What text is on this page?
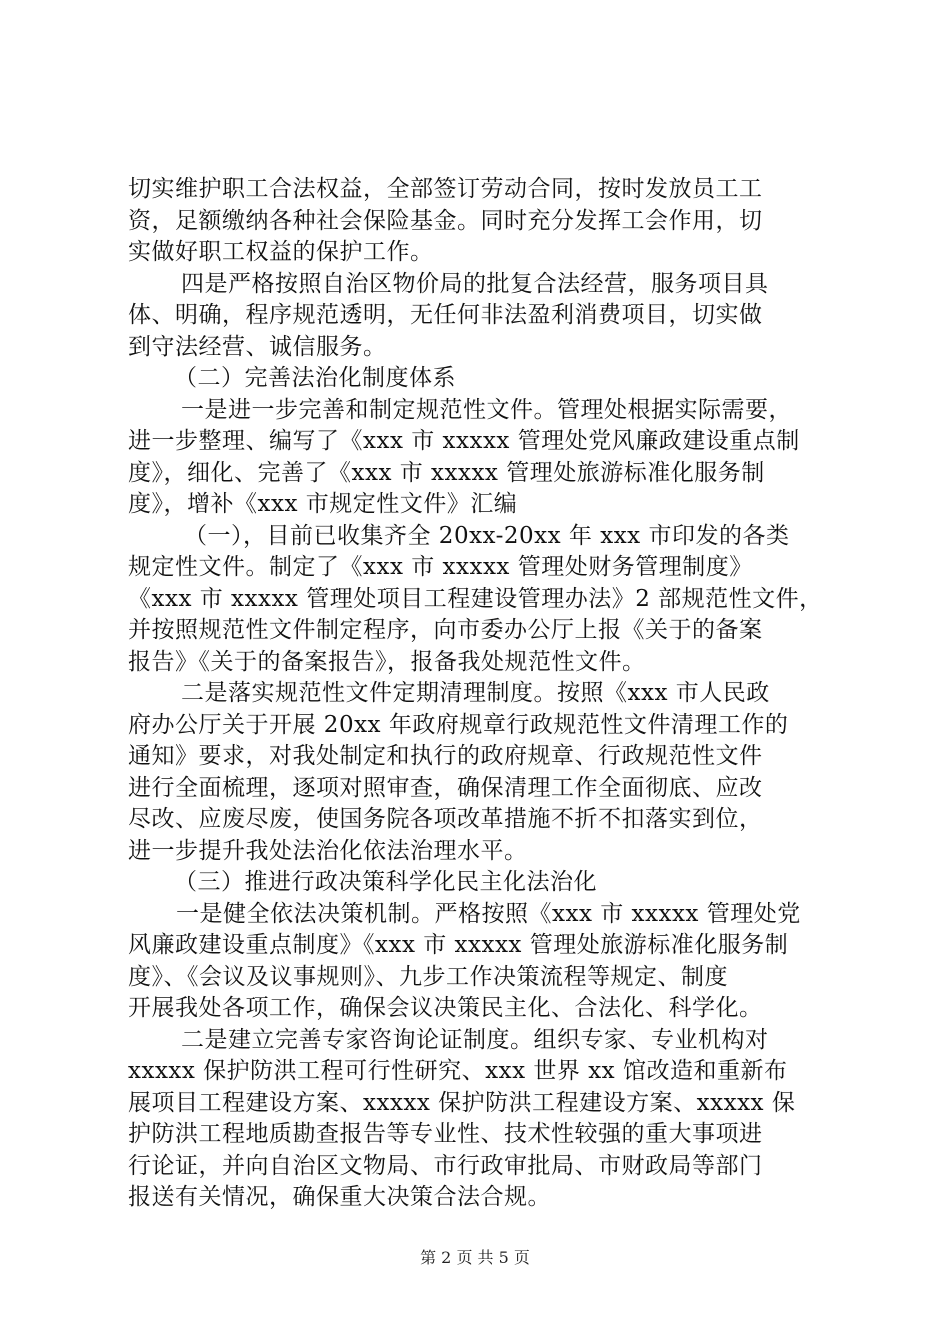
切实维护职工合法权益，全部签订劳动合同，按时发放员工工
资，足额缴纳各种社会保险基金。同时充分发挥工会作用，切
实做好职工权益的保护工作。
四是严格按照自治区物价局的批复合法经营，服务项目具
体、明确，程序规范透明，无任何非法盈利消费项目，切实做
到守法经营、诚信服务。
（二）完善法治化制度体系
一是进一步完善和制定规范性文件。管理处根据实际需要，
进一步整理、编写了《xxx 市 xxxxx 管理处党风廉政建设重点制
度》，细化、完善了《xxx 市 xxxxx 管理处旅游标准化服务制
度》，增补《xxx 市规定性文件》汇编
（一），目前已收集齐全 20xx-20xx 年 xxx 市印发的各类
规定性文件。制定了《xxx 市 xxxxx 管理处财务管理制度》
《xxx 市 xxxxx 管理处项目工程建设管理办法》2 部规范性文件，
并按照规范性文件制定程序，向市委办公厅上报《关于的备案
报告》《关于的备案报告》，报备我处规范性文件。
二是落实规范性文件定期清理制度。按照《xxx 市人民政
府办公厅关于开展 20xx 年政府规章行政规范性文件清理工作的
通知》要求，对我处制定和执行的政府规章、行政规范性文件
进行全面梳理，逐项对照审查，确保清理工作全面彻底、应改
尽改、应废尽废，使国务院各项改革措施不折不扣落实到位，
进一步提升我处法治化依法治理水平。
（三）推进行政决策科学化民主化法治化
一是健全依法决策机制。严格按照《xxx 市 xxxxx 管理处党
风廉政建设重点制度》《xxx 市 xxxxx 管理处旅游标准化服务制
度》、《会议及议事规则》、九步工作决策流程等规定、制度
开展我处各项工作，确保会议决策民主化、合法化、科学化。
二是建立完善专家咨询论证制度。组织专家、专业机构对
xxxxx 保护防洪工程可行性研究、xxx 世界 xx 馆改造和重新布
展项目工程建设方案、xxxxx 保护防洪工程建设方案、xxxxx 保
护防洪工程地质勘查报告等专业性、技术性较强的重大事项进
行论证，并向自治区文物局、市行政审批局、市财政局等部门
报送有关情况，确保重大决策合法合规。
第 2 页 共 5 页
